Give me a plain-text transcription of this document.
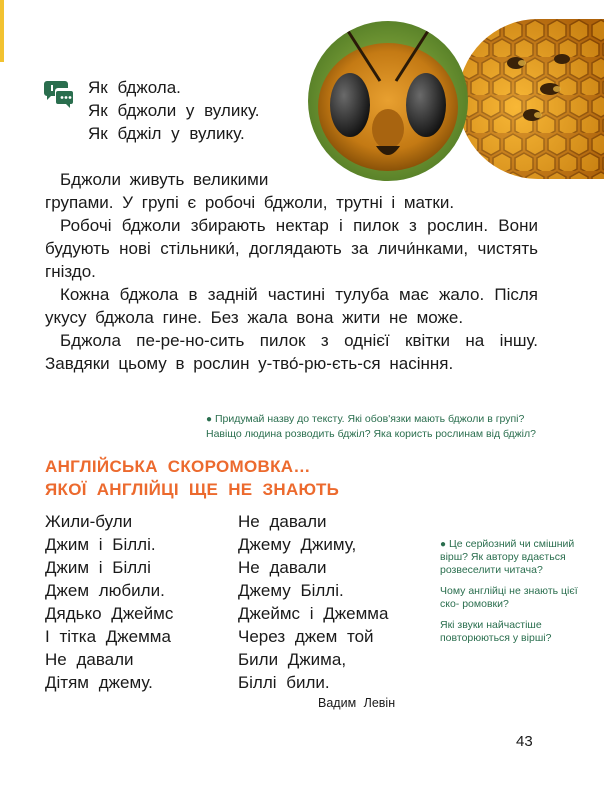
Як бджола.
Як бджоли у вулику.
Як бджіл у вулику.
Бджоли живуть великими
групами. У групі є робочі бджоли, трутні і матки.
Робочі бджоли збирають нектар і пилок з рослин. Вони будують нові стільники́, доглядають за личи́нками, чистять гніздо.
Кожна бджола в задній частині тулуба має жало. Після укусу бджола гине. Без жала вона жити не може.
Бджола пе-ре-но-сить пилок з однієї квітки на іншу. Завдяки цьому в рослин у-тво́-рю-єть-ся насіння.
● Придумай назву до тексту. Які обов'язки мають бджоли в групі? Навіщо людина розводить бджіл? Яка користь рослинам від бджіл?
АНГЛІЙСЬКА СКОРОМОВКА…
ЯКОЇ АНГЛІЙЦІ ЩЕ НЕ ЗНАЮТЬ
Жили-були
Джим і Біллі.
Джим і Біллі
Джем любили.
Дядько Джеймс
І тітка Джемма
Не давали
Дітям джему.
Не давали
Джему Джиму,
Не давали
Джему Біллі.
Джеймс і Джемма
Через джем той
Били Джима,
Біллі били.
Вадим Левін

● Це серйозний чи смішний вірш? Як автору вдається розвеселити читача?

Чому англійці не знають цієї ско- ромовки?

Які звуки найчастіше повторюються у вірші?

43
